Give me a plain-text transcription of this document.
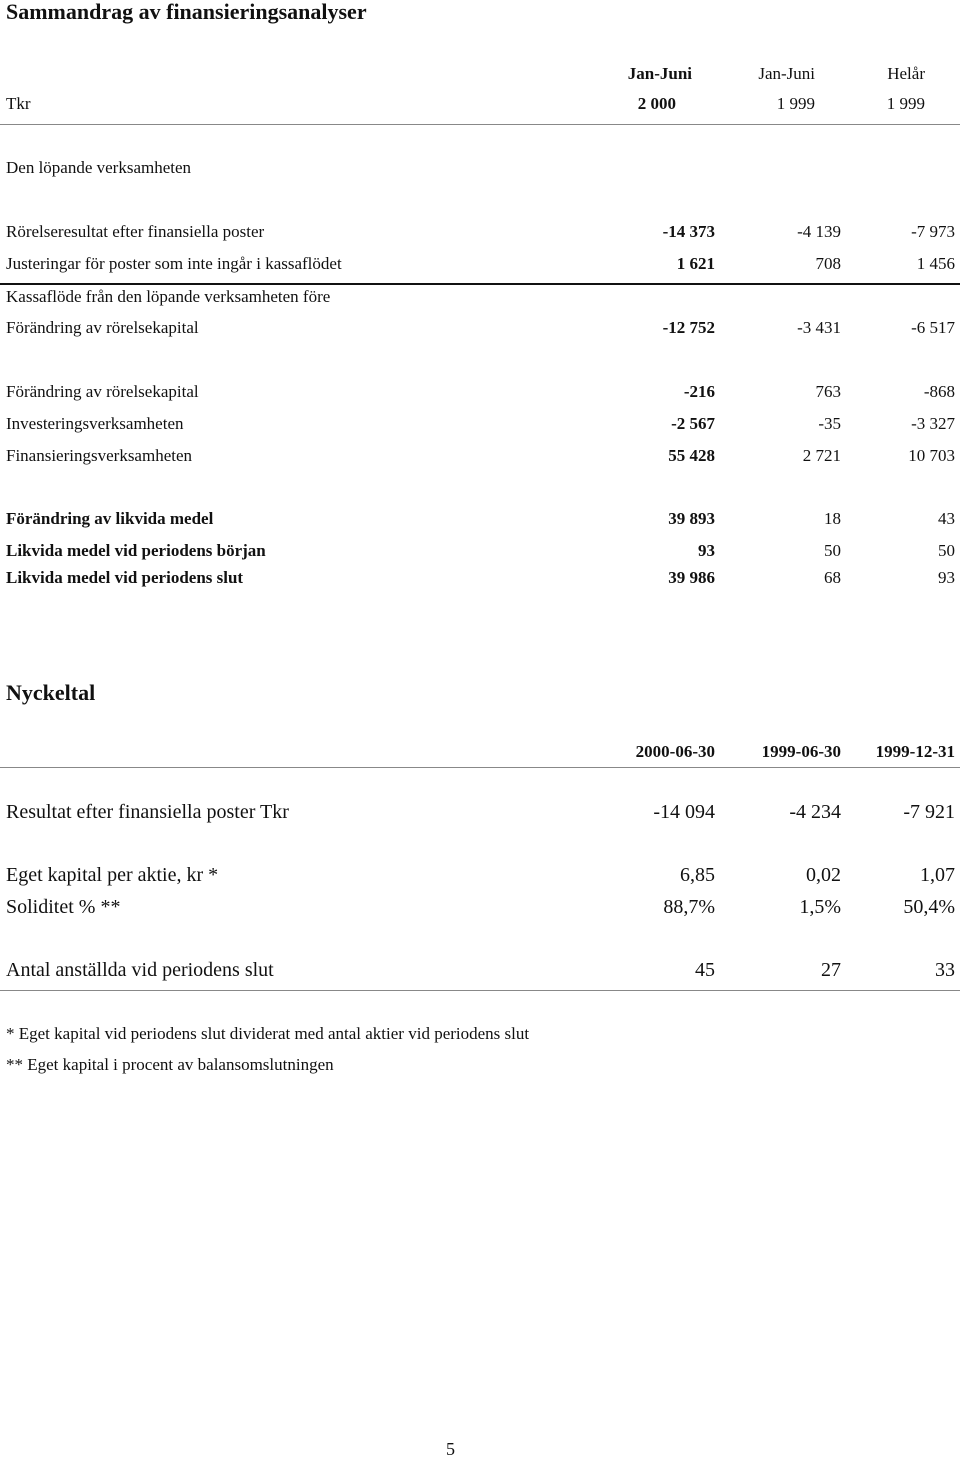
Sammandrag av finansieringsanalyser
Jan-Juni	Jan-Juni	Helår
Tkr	2 000	1 999	1 999
Den löpande verksamheten
Rörelseresultat efter finansiella poster	-14 373	-4 139	-7 973
Justeringar för poster som inte ingår i kassaflödet	1 621	708	1 456
Kassaflöde från den löpande verksamheten före
Förändring av rörelsekapital	-12 752	-3 431	-6 517
Förändring av rörelsekapital	-216	763	-868
Investeringsverksamheten	-2 567	-35	-3 327
Finansieringsverksamheten	55 428	2 721	10 703
Förändring av likvida medel	39 893	18	43
Likvida medel vid periodens början	93	50	50
Likvida medel vid periodens slut	39 986	68	93
Nyckeltal
2000-06-30	1999-06-30 1999-12-31
Resultat efter finansiella poster Tkr	-14 094	-4 234	-7 921
Eget kapital per aktie, kr *	6,85	0,02	1,07
Soliditet % **	88,7%	1,5%	50,4%
Antal anställda vid periodens slut	45	27	33
* Eget kapital vid periodens slut dividerat med antal aktier vid periodens slut
** Eget kapital i procent av balansomslutningen
5
